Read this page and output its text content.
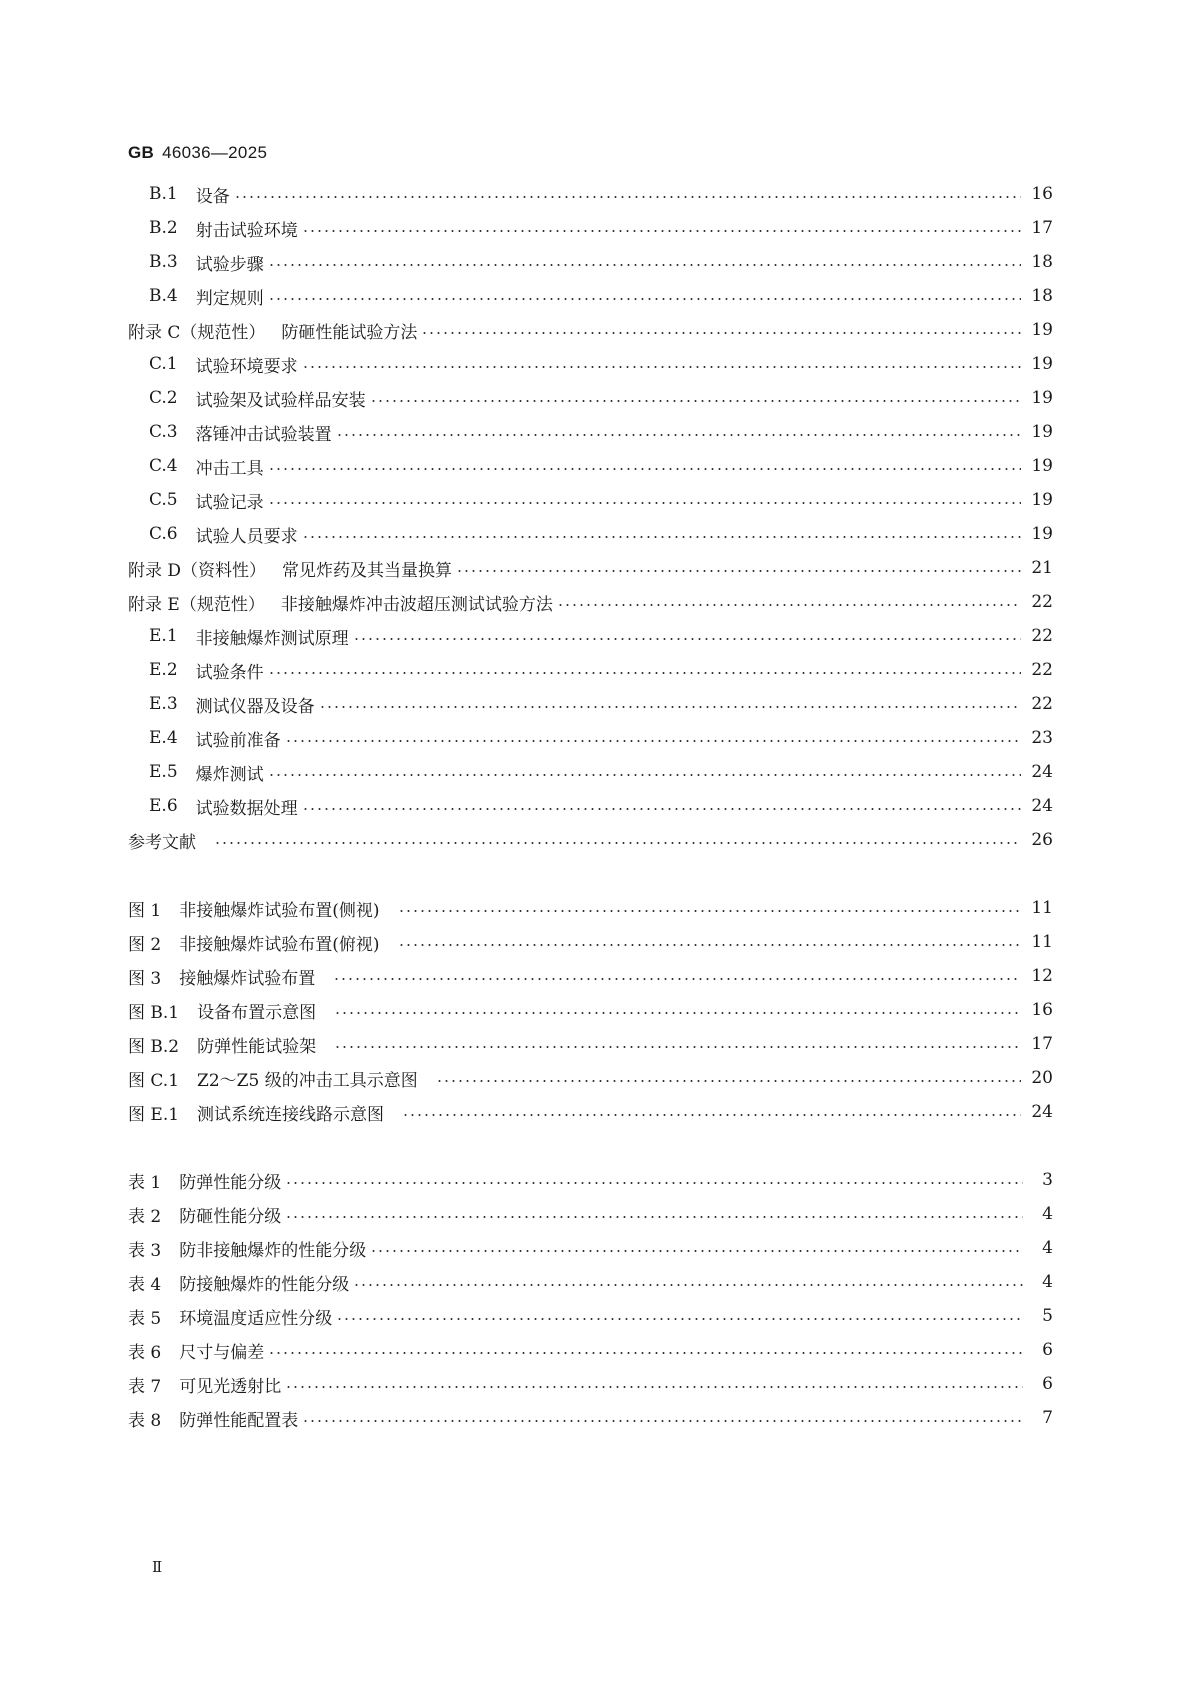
GB 46036—2025
B.1 设备	16
B.2 射击试验环境	17
B.3 试验步骤	18
B.4 判定规则	18
附录 C（规范性） 防砸性能试验方法	19
C.1 试验环境要求	19
C.2 试验架及试验样品安装	19
C.3 落锤冲击试验装置	19
C.4 冲击工具	19
C.5 试验记录	19
C.6 试验人员要求	19
附录 D（资料性） 常见炸药及其当量换算	21
附录 E（规范性） 非接触爆炸冲击波超压测试试验方法	22
E.1 非接触爆炸测试原理	22
E.2 试验条件	22
E.3 测试仪器及设备	22
E.4 试验前准备	23
E.5 爆炸测试	24
E.6 试验数据处理	24
参考文献	26
图 1 非接触爆炸试验布置(侧视)	11
图 2 非接触爆炸试验布置(俯视)	11
图 3 接触爆炸试验布置	12
图 B.1 设备布置示意图	16
图 B.2 防弹性能试验架	17
图 C.1 Z2～Z5 级的冲击工具示意图	20
图 E.1 测试系统连接线路示意图	24
表 1 防弹性能分级	3
表 2 防砸性能分级	4
表 3 防非接触爆炸的性能分级	4
表 4 防接触爆炸的性能分级	4
表 5 环境温度适应性分级	5
表 6 尺寸与偏差	6
表 7 可见光透射比	6
表 8 防弹性能配置表	7
Ⅱ
